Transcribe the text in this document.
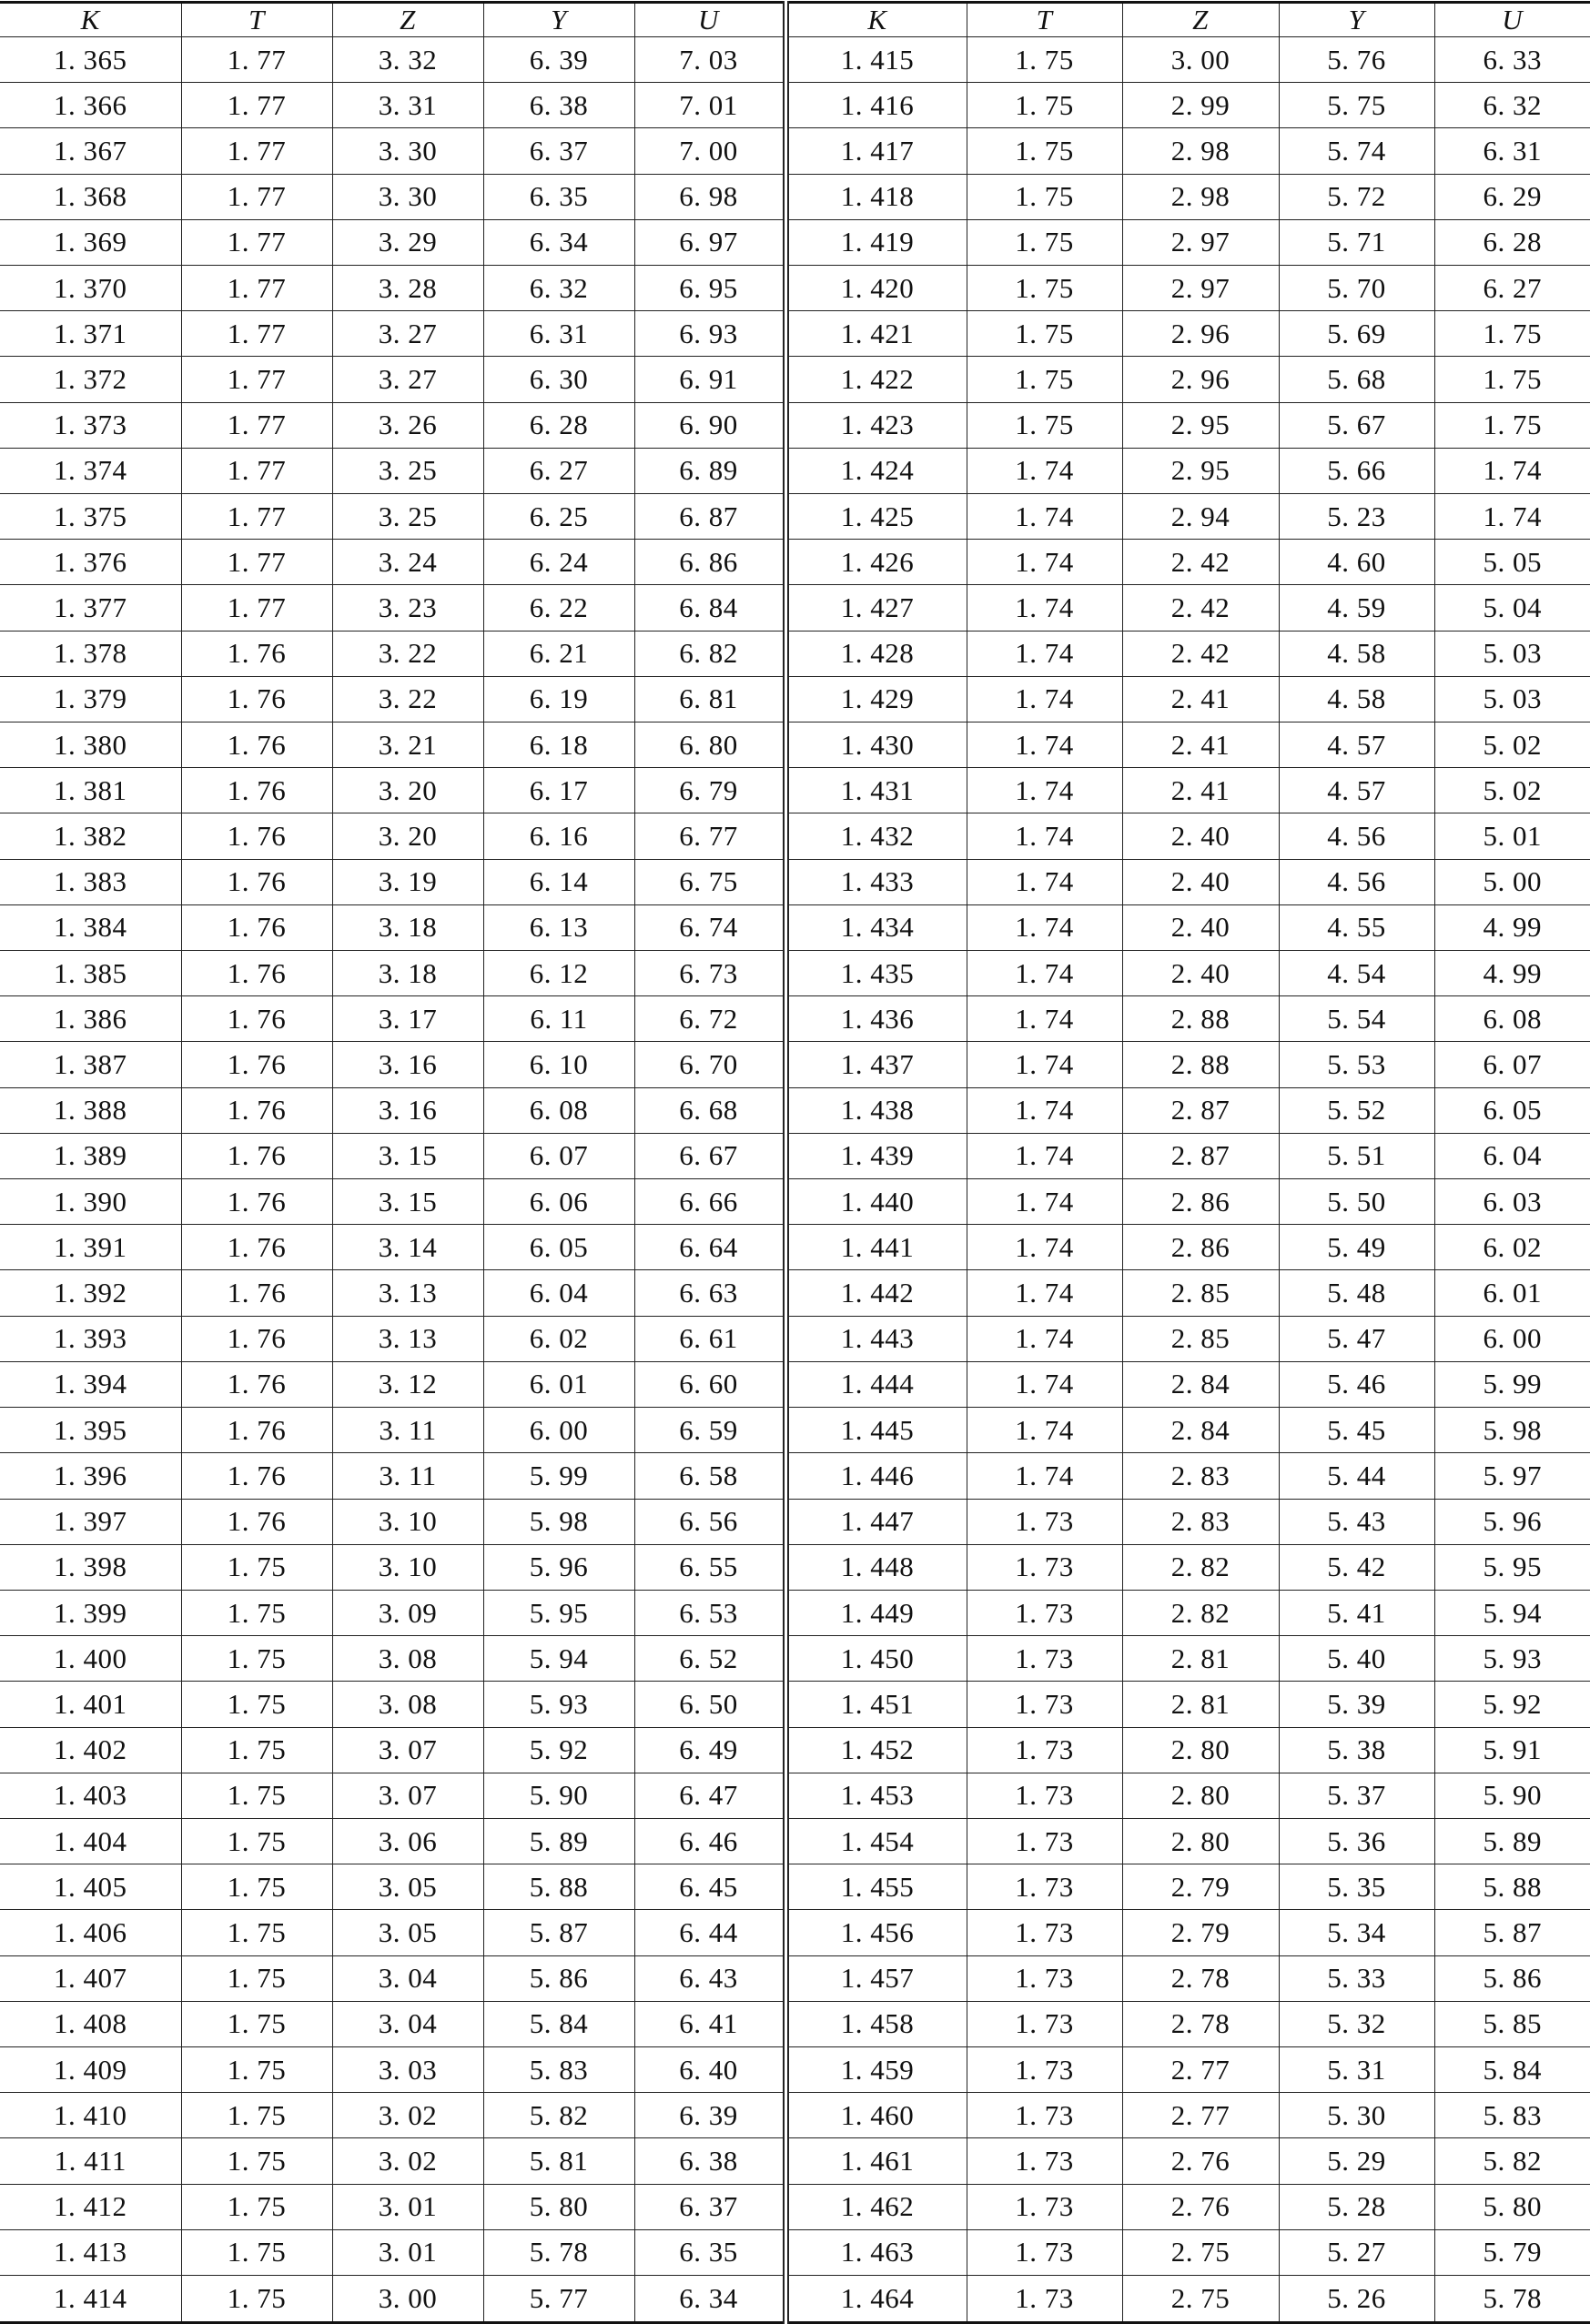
K	T	Z	Y	U	K	T	Z	Y	U
1. 365	1. 77	3. 32	6. 39	7. 03	1. 415	1. 75	3. 00	5. 76	6. 33
1. 366	1. 77	3. 31	6. 38	7. 01	1. 416	1. 75	2. 99	5. 75	6. 32
1. 367	1. 77	3. 30	6. 37	7. 00	1. 417	1. 75	2. 98	5. 74	6. 31
1. 368	1. 77	3. 30	6. 35	6. 98	1. 418	1. 75	2. 98	5. 72	6. 29
1. 369	1. 77	3. 29	6. 34	6. 97	1. 419	1. 75	2. 97	5. 71	6. 28
1. 370	1. 77	3. 28	6. 32	6. 95	1. 420	1. 75	2. 97	5. 70	6. 27
1. 371	1. 77	3. 27	6. 31	6. 93	1. 421	1. 75	2. 96	5. 69	1. 75
1. 372	1. 77	3. 27	6. 30	6. 91	1. 422	1. 75	2. 96	5. 68	1. 75
1. 373	1. 77	3. 26	6. 28	6. 90	1. 423	1. 75	2. 95	5. 67	1. 75
1. 374	1. 77	3. 25	6. 27	6. 89	1. 424	1. 74	2. 95	5. 66	1. 74
1. 375	1. 77	3. 25	6. 25	6. 87	1. 425	1. 74	2. 94	5. 23	1. 74
1. 376	1. 77	3. 24	6. 24	6. 86	1. 426	1. 74	2. 42	4. 60	5. 05
1. 377	1. 77	3. 23	6. 22	6. 84	1. 427	1. 74	2. 42	4. 59	5. 04
1. 378	1. 76	3. 22	6. 21	6. 82	1. 428	1. 74	2. 42	4. 58	5. 03
1. 379	1. 76	3. 22	6. 19	6. 81	1. 429	1. 74	2. 41	4. 58	5. 03
1. 380	1. 76	3. 21	6. 18	6. 80	1. 430	1. 74	2. 41	4. 57	5. 02
1. 381	1. 76	3. 20	6. 17	6. 79	1. 431	1. 74	2. 41	4. 57	5. 02
1. 382	1. 76	3. 20	6. 16	6. 77	1. 432	1. 74	2. 40	4. 56	5. 01
1. 383	1. 76	3. 19	6. 14	6. 75	1. 433	1. 74	2. 40	4. 56	5. 00
1. 384	1. 76	3. 18	6. 13	6. 74	1. 434	1. 74	2. 40	4. 55	4. 99
1. 385	1. 76	3. 18	6. 12	6. 73	1. 435	1. 74	2. 40	4. 54	4. 99
1. 386	1. 76	3. 17	6. 11	6. 72	1. 436	1. 74	2. 88	5. 54	6. 08
1. 387	1. 76	3. 16	6. 10	6. 70	1. 437	1. 74	2. 88	5. 53	6. 07
1. 388	1. 76	3. 16	6. 08	6. 68	1. 438	1. 74	2. 87	5. 52	6. 05
1. 389	1. 76	3. 15	6. 07	6. 67	1. 439	1. 74	2. 87	5. 51	6. 04
1. 390	1. 76	3. 15	6. 06	6. 66	1. 440	1. 74	2. 86	5. 50	6. 03
1. 391	1. 76	3. 14	6. 05	6. 64	1. 441	1. 74	2. 86	5. 49	6. 02
1. 392	1. 76	3. 13	6. 04	6. 63	1. 442	1. 74	2. 85	5. 48	6. 01
1. 393	1. 76	3. 13	6. 02	6. 61	1. 443	1. 74	2. 85	5. 47	6. 00
1. 394	1. 76	3. 12	6. 01	6. 60	1. 444	1. 74	2. 84	5. 46	5. 99
1. 395	1. 76	3. 11	6. 00	6. 59	1. 445	1. 74	2. 84	5. 45	5. 98
1. 396	1. 76	3. 11	5. 99	6. 58	1. 446	1. 74	2. 83	5. 44	5. 97
1. 397	1. 76	3. 10	5. 98	6. 56	1. 447	1. 73	2. 83	5. 43	5. 96
1. 398	1. 75	3. 10	5. 96	6. 55	1. 448	1. 73	2. 82	5. 42	5. 95
1. 399	1. 75	3. 09	5. 95	6. 53	1. 449	1. 73	2. 82	5. 41	5. 94
1. 400	1. 75	3. 08	5. 94	6. 52	1. 450	1. 73	2. 81	5. 40	5. 93
1. 401	1. 75	3. 08	5. 93	6. 50	1. 451	1. 73	2. 81	5. 39	5. 92
1. 402	1. 75	3. 07	5. 92	6. 49	1. 452	1. 73	2. 80	5. 38	5. 91
1. 403	1. 75	3. 07	5. 90	6. 47	1. 453	1. 73	2. 80	5. 37	5. 90
1. 404	1. 75	3. 06	5. 89	6. 46	1. 454	1. 73	2. 80	5. 36	5. 89
1. 405	1. 75	3. 05	5. 88	6. 45	1. 455	1. 73	2. 79	5. 35	5. 88
1. 406	1. 75	3. 05	5. 87	6. 44	1. 456	1. 73	2. 79	5. 34	5. 87
1. 407	1. 75	3. 04	5. 86	6. 43	1. 457	1. 73	2. 78	5. 33	5. 86
1. 408	1. 75	3. 04	5. 84	6. 41	1. 458	1. 73	2. 78	5. 32	5. 85
1. 409	1. 75	3. 03	5. 83	6. 40	1. 459	1. 73	2. 77	5. 31	5. 84
1. 410	1. 75	3. 02	5. 82	6. 39	1. 460	1. 73	2. 77	5. 30	5. 83
1. 411	1. 75	3. 02	5. 81	6. 38	1. 461	1. 73	2. 76	5. 29	5. 82
1. 412	1. 75	3. 01	5. 80	6. 37	1. 462	1. 73	2. 76	5. 28	5. 80
1. 413	1. 75	3. 01	5. 78	6. 35	1. 463	1. 73	2. 75	5. 27	5. 79
1. 414	1. 75	3. 00	5. 77	6. 34	1. 464	1. 73	2. 75	5. 26	5. 78
